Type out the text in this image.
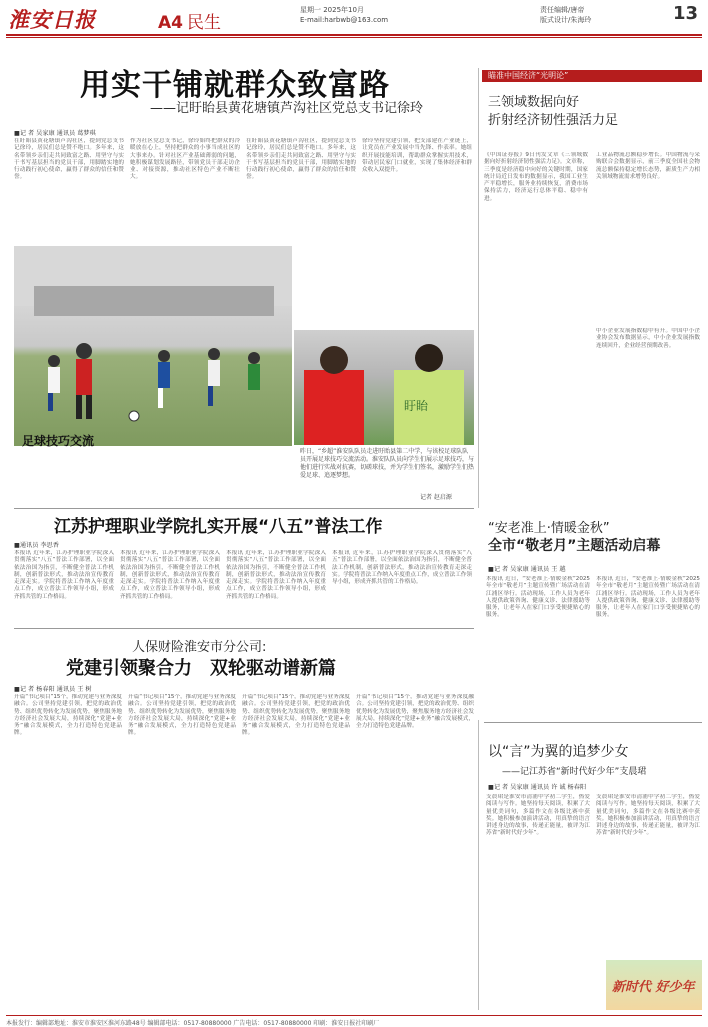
淮安日报	A4 民生
星期一 2025年10月
E-mail:harbwb@163.com
责任编辑/唐帝
版式设计/朱海玲	13
用实干铺就群众致富路
——记盱眙县黄花塘镇芦沟社区党总支书记徐玲
■记 者 吴家康 通讯员 葛梦琪
在盱眙县黄花塘镇芦沟社区，提到党总支书记徐玲，居民们总是赞不绝口。多年来，这名带领乡亲们走共同致富之路、用坚守与实干书写基层担当的党员干部，用脚踏实地的行动践行初心使命，赢得了群众的信任和赞誉。
作为社区党总支书记，徐玲始终把群众的冷暖放在心上，坚持把群众的小事当成社区的大事来办。针对社区产业基础薄弱的问题，她积极谋划发展路径，带领党员干部走访企业、对接资源，推动社区特色产业不断壮大。
在盱眙县黄花塘镇芦沟社区，提到党总支书记徐玲，居民们总是赞不绝口。多年来，这名带领乡亲们走共同致富之路、用坚守与实干书写基层担当的党员干部，用脚踏实地的行动践行初心使命，赢得了群众的信任和赞誉。
徐玲坚持党建引领，把支部建在产业链上，让党员在产业发展中当先锋、作表率。她组织开展技能培训，帮助群众掌握实用技术，带动居民家门口就业，实现了集体经济和群众收入双提升。
瞄准中国经济“光明论”
三领域数据向好
折射经济韧性强活力足
《中国证券报》9日刊发文章《三领域数据向好折射经济韧性强活力足》。文章称，三季度是经济稳中向好的关键时期，国家统计局近日发布的数据显示，我国工业生产平稳增长，服务业持续恢复，消费市场保持活力，经济运行总体平稳、稳中有进。
工业品物流总额稳步增长。中国物流与采购联合会数据显示，前三季度全国社会物流总额保持稳定增长态势，新质生产力相关领域物流需求增势良好。
中小企业发展指数稳中有升。中国中小企业协会发布数据显示，中小企业发展指数连续回升，企业经营预期改善。
足球技巧交流
盱眙
昨日，“乡超”淮安队队员走进盱眙县第二中学，与该校足球队队员开展足球技巧交流活动。淮安队队员向学生们展示足球技巧，与他们进行实战对抗赛，切磋球技，并为学生们签名，激励学生们热爱足球、追逐梦想。
记者 赵启源
江苏护理职业学院扎实开展“八五”普法工作
■通讯员 李思香
本报讯 近年来，江苏护理职业学院深入贯彻落实“八五”普法工作部署，以全面依法治国为指引，不断健全普法工作机制，创新普法形式，推动法治宣传教育走深走实。学院将普法工作纳入年度重点工作，成立普法工作领导小组，形成齐抓共管的工作格局。
本报讯 近年来，江苏护理职业学院深入贯彻落实“八五”普法工作部署，以全面依法治国为指引，不断健全普法工作机制，创新普法形式，推动法治宣传教育走深走实。学院将普法工作纳入年度重点工作，成立普法工作领导小组，形成齐抓共管的工作格局。
本报讯 近年来，江苏护理职业学院深入贯彻落实“八五”普法工作部署，以全面依法治国为指引，不断健全普法工作机制，创新普法形式，推动法治宣传教育走深走实。学院将普法工作纳入年度重点工作，成立普法工作领导小组，形成齐抓共管的工作格局。
本报讯 近年来，江苏护理职业学院深入贯彻落实“八五”普法工作部署，以全面依法治国为指引，不断健全普法工作机制，创新普法形式，推动法治宣传教育走深走实。学院将普法工作纳入年度重点工作，成立普法工作领导小组，形成齐抓共管的工作格局。
“安老准上·情暖金秋”
全市“敬老月”主题活动启幕
■记 者 吴家康 通讯员 王 越
本报讯 近日，“安老准上·情暖金秋”2025年全市“敬老月”主题宣传暨广场活动在清江浦区举行。活动现场，工作人员为老年人提供政策咨询、健康义诊、法律援助等服务，让老年人在家门口享受便捷贴心的服务。
本报讯 近日，“安老准上·情暖金秋”2025年全市“敬老月”主题宣传暨广场活动在清江浦区举行。活动现场，工作人员为老年人提供政策咨询、健康义诊、法律援助等服务，让老年人在家门口享受便捷贴心的服务。
人保财险淮安市分公司:
党建引领聚合力　双轮驱动谱新篇
■记 者 杨春阳 通讯员 王 树
开篇“书记项目”15个，推动党建与业务深度融合。公司坚持党建引领，把党的政治优势、组织优势转化为发展优势，聚焦服务地方经济社会发展大局，持续深化“党建+业务”融合发展模式，全力打造特色党建品牌。
开篇“书记项目”15个，推动党建与业务深度融合。公司坚持党建引领，把党的政治优势、组织优势转化为发展优势，聚焦服务地方经济社会发展大局，持续深化“党建+业务”融合发展模式，全力打造特色党建品牌。
开篇“书记项目”15个，推动党建与业务深度融合。公司坚持党建引领，把党的政治优势、组织优势转化为发展优势，聚焦服务地方经济社会发展大局，持续深化“党建+业务”融合发展模式，全力打造特色党建品牌。
开篇“书记项目”15个，推动党建与业务深度融合。公司坚持党建引领，把党的政治优势、组织优势转化为发展优势，聚焦服务地方经济社会发展大局，持续深化“党建+业务”融合发展模式，全力打造特色党建品牌。
以“言”为翼的追梦少女
——记江苏省“新时代好少年”支晨珺
■记 者 吴家康 通讯员 许 诚 杨春阳
支晨珺是淮安市清浦中学初二学生，热爱阅读与写作。她坚持每天阅读，积累了大量优美词句，多篇作文在各级比赛中获奖。她积极参加演讲活动，用真挚的语言讲述身边的故事，传递正能量，被评为江苏省“新时代好少年”。
支晨珺是淮安市清浦中学初二学生，热爱阅读与写作。她坚持每天阅读，积累了大量优美词句，多篇作文在各级比赛中获奖。她积极参加演讲活动，用真挚的语言讲述身边的故事，传递正能量，被评为江苏省“新时代好少年”。
新时代 好少年
本报发行：编辑部地址：淮安市淮安区淮河东路48号 编辑部电话：0517-80880000 广告电话：0517-80880000 印刷：淮安日报社印刷厂
